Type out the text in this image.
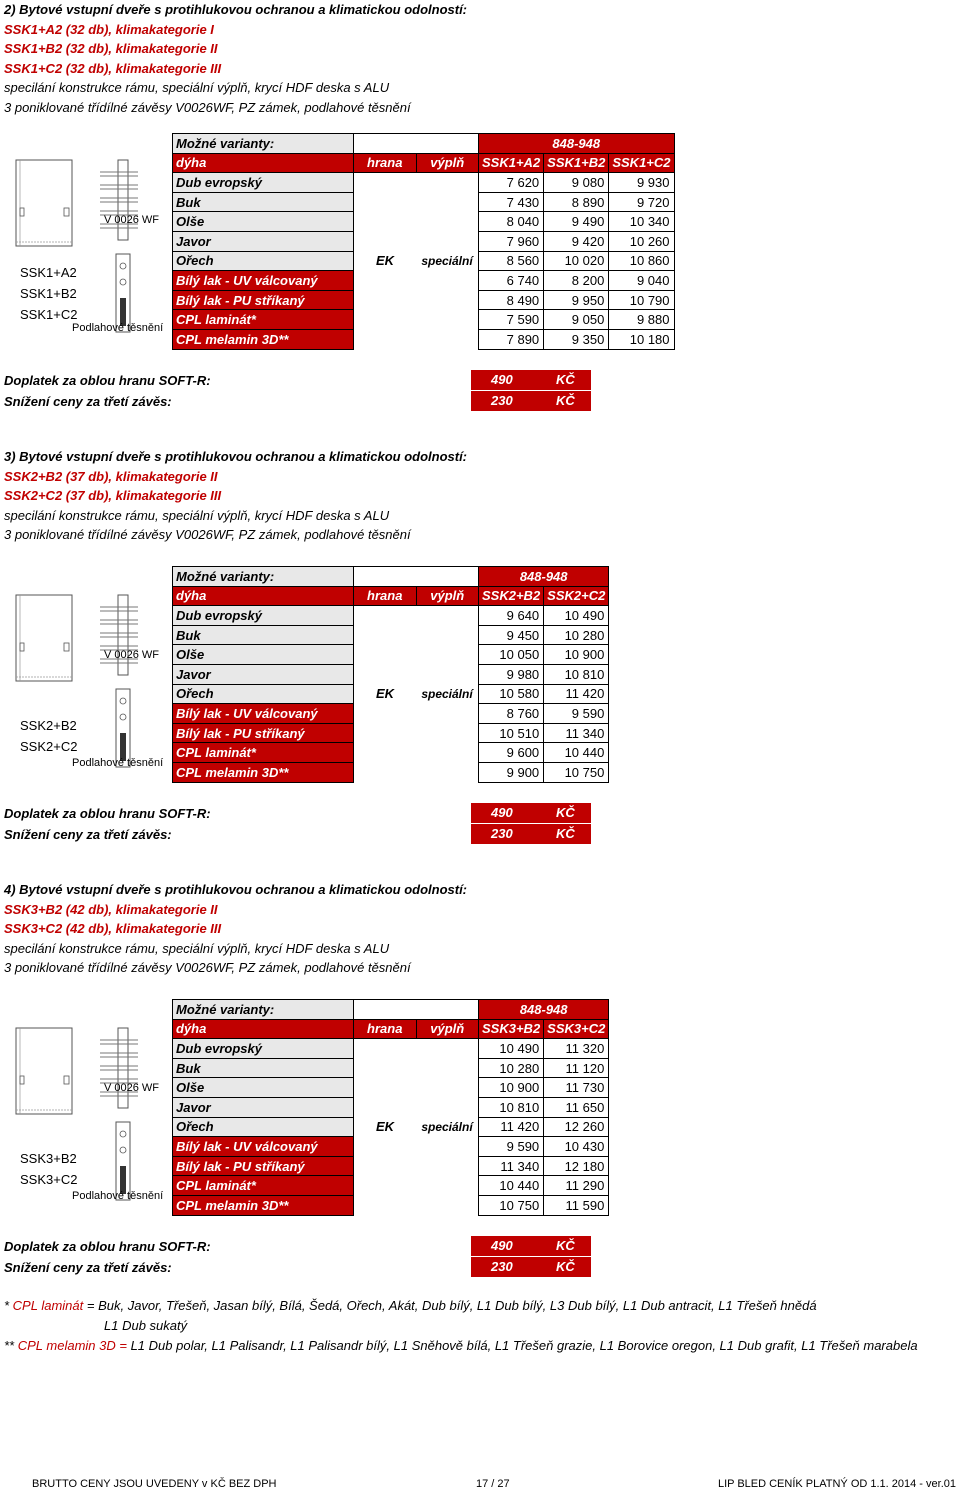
2) Bytové vstupní dveře s protihlukovou ochranou a klimatickou odolností:
SSK1+A2 (32 db), klimakategorie I
SSK1+B2 (32 db), klimakategorie II
SSK1+C2 (32 db), klimakategorie III
specilání konstrukce rámu, speciální výplň, krycí HDF deska s ALU
3 poniklované třídílné závěsy V0026WF, PZ zámek, podlahové těsnění
V 0026 WF
SSK1+A2
SSK1+B2
SSK1+C2
Podlahové těsnění
Možné varianty:			848-948		
dýha	hrana	výplň	SSK1+A2	SSK1+B2	SSK1+C2
Dub evropský			7 620	9 080	9 930
Buk			7 430	8 890	9 720
Olše			8 040	9 490	10 340
Javor			7 960	9 420	10 260
Ořech	EK	speciální	8 560	10 020	10 860
Bílý lak - UV válcovaný			6 740	8 200	9 040
Bílý lak - PU stříkaný			8 490	9 950	10 790
CPL laminát*			7 590	9 050	9 880
CPL melamin 3D**			7 890	9 350	10 180
Doplatek za oblou hranu SOFT-R:
Snížení ceny za třetí závěs:
490	KČ
230	KČ
3) Bytové vstupní dveře s protihlukovou ochranou a klimatickou odolností:
SSK2+B2 (37 db), klimakategorie II
SSK2+C2 (37 db), klimakategorie III
specilání konstrukce rámu, speciální výplň, krycí HDF deska s ALU
3 poniklované třídílné závěsy V0026WF, PZ zámek, podlahové těsnění
V 0026 WF
SSK2+B2
SSK2+C2
Podlahové těsnění
Možné varianty:			848-948	
dýha	hrana	výplň	SSK2+B2	SSK2+C2
Dub evropský			9 640	10 490
Buk			9 450	10 280
Olše			10 050	10 900
Javor			9 980	10 810
Ořech	EK	speciální	10 580	11 420
Bílý lak - UV válcovaný			8 760	9 590
Bílý lak - PU stříkaný			10 510	11 340
CPL laminát*			9 600	10 440
CPL melamin 3D**			9 900	10 750
Doplatek za oblou hranu SOFT-R:
Snížení ceny za třetí závěs:
490	KČ
230	KČ
4) Bytové vstupní dveře s protihlukovou ochranou a klimatickou odolností:
SSK3+B2 (42 db), klimakategorie II
SSK3+C2 (42 db), klimakategorie III
specilání konstrukce rámu, speciální výplň, krycí HDF deska s ALU
3 poniklované třídílné závěsy V0026WF, PZ zámek, podlahové těsnění
V 0026 WF
SSK3+B2
SSK3+C2
Podlahové těsnění
Možné varianty:			848-948	
dýha	hrana	výplň	SSK3+B2	SSK3+C2
Dub evropský			10 490	11 320
Buk			10 280	11 120
Olše			10 900	11 730
Javor			10 810	11 650
Ořech	EK	speciální	11 420	12 260
Bílý lak - UV válcovaný			9 590	10 430
Bílý lak - PU stříkaný			11 340	12 180
CPL laminát*			10 440	11 290
CPL melamin 3D**			10 750	11 590
Doplatek za oblou hranu SOFT-R:
Snížení ceny za třetí závěs:
490	KČ
230	KČ
* CPL laminát = Buk, Javor, Třešeň, Jasan bílý, Bílá, Šedá, Ořech, Akát, Dub bílý, L1 Dub bílý, L3 Dub bílý, L1 Dub antracit, L1 Třešeň hnědá
L1 Dub sukatý
** CPL melamin 3D = L1 Dub polar, L1 Palisandr, L1 Palisandr bílý, L1 Sněhově bílá, L1 Třešeň grazie, L1 Borovice oregon, L1 Dub grafit, L1 Třešeň marabela
BRUTTO CENY JSOU UVEDENY v KČ BEZ DPH	17 / 27	LIP BLED CENÍK PLATNÝ OD 1.1. 2014 - ver.01
